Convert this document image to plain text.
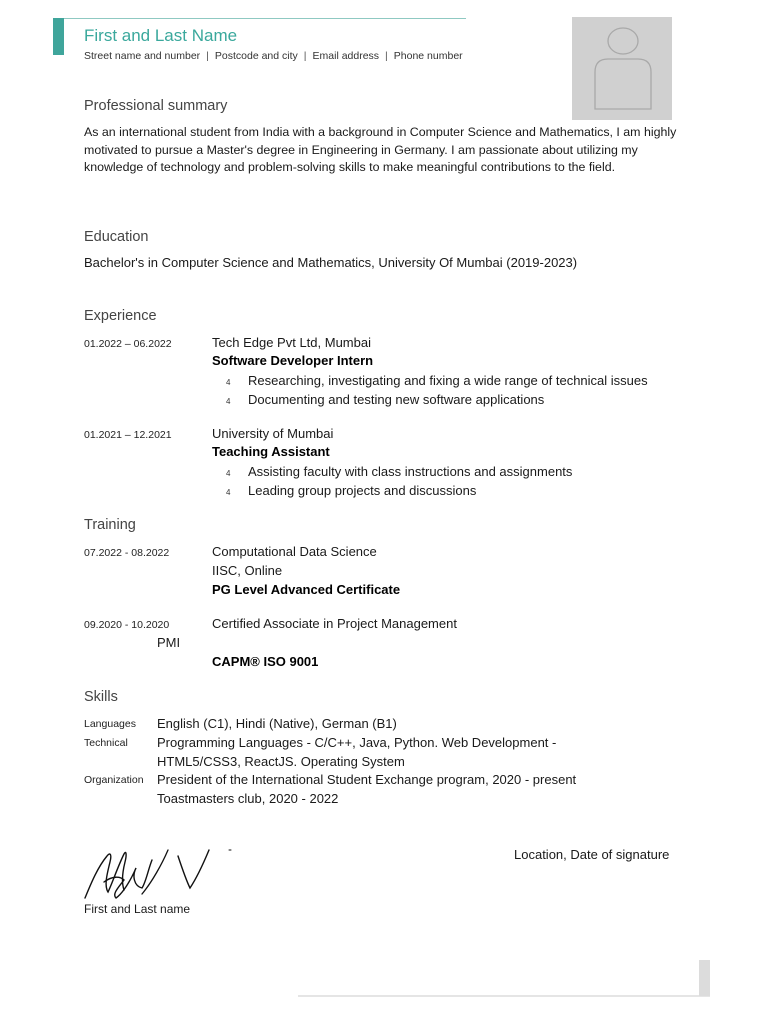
First and Last Name
Street name and number | Postcode and city | Email address | Phone number
Professional summary
As an international student from India with a background in Computer Science and Mathematics, I am highly motivated to pursue a Master's degree in Engineering in Germany. I am passionate about utilizing my knowledge of technology and problem-solving skills to make meaningful contributions to the field.
Education
Bachelor's in Computer Science and Mathematics, University Of Mumbai (2019-2023)
Experience
01.2022 – 06.2022	Tech Edge Pvt Ltd, Mumbai
Software Developer Intern
4	Researching, investigating and fixing a wide range of technical issues
4	Documenting and testing new software applications
01.2021 – 12.2021	University of Mumbai
Teaching Assistant
4	Assisting faculty with class instructions and assignments
4	Leading group projects and discussions
Training
07.2022 - 08.2022	Computational Data Science
IISC, Online
PG Level Advanced Certificate
09.2020 - 10.2020	Certified Associate in Project Management
PMI
CAPM® ISO 9001
Skills
Languages English (C1), Hindi (Native), German (B1)
Technical Programming Languages - C/C++, Java, Python. Web Development -
HTML5/CSS3, ReactJS. Operating System
Organization President of the International Student Exchange program, 2020 - present
Toastmasters club, 2020 - 2022
Location, Date of signature
First and Last name
